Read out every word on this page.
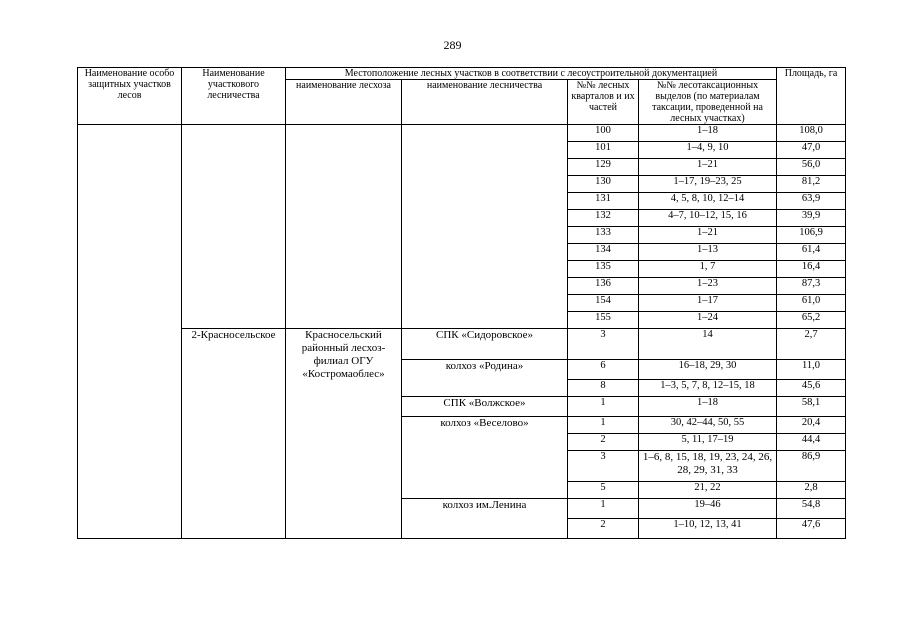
289
Наименование особо защитных участков лесов	Наименование участкового лесничества	Местоположение лесных участков в соответствии с лесоустроительной документацией				Площадь, га
		наименование лесхоза	наименование лесничества	№№ лесных кварталов и их частей	№№ лесотаксационных выделов (по материалам таксации, проведенной на лесных участках)	
				100	1–18	108,0
				101	1–4, 9, 10	47,0
				129	1–21	56,0
				130	1–17, 19–23, 25	81,2
				131	4, 5, 8, 10, 12–14	63,9
				132	4–7, 10–12, 15, 16	39,9
				133	1–21	106,9
				134	1–13	61,4
				135	1, 7	16,4
				136	1–23	87,3
				154	1–17	61,0
				155	1–24	65,2
	2-Красносельское	Красносельский районный лесхоз-филиал ОГУ «Костромаоблес»	СПК «Сидоровское»	3	14	2,7
			колхоз «Родина»	6	16–18, 29, 30	11,0
				8	1–3, 5, 7, 8, 12–15, 18	45,6
			СПК «Волжское»	1	1–18	58,1
			колхоз «Веселово»	1	30, 42–44, 50, 55	20,4
				2	5, 11, 17–19	44,4
				3	1–6, 8, 15, 18, 19, 23, 24, 26, 28, 29, 31, 33	86,9
				5	21, 22	2,8
			колхоз им.Ленина	1	19–46	54,8
				2	1–10, 12, 13, 41	47,6
